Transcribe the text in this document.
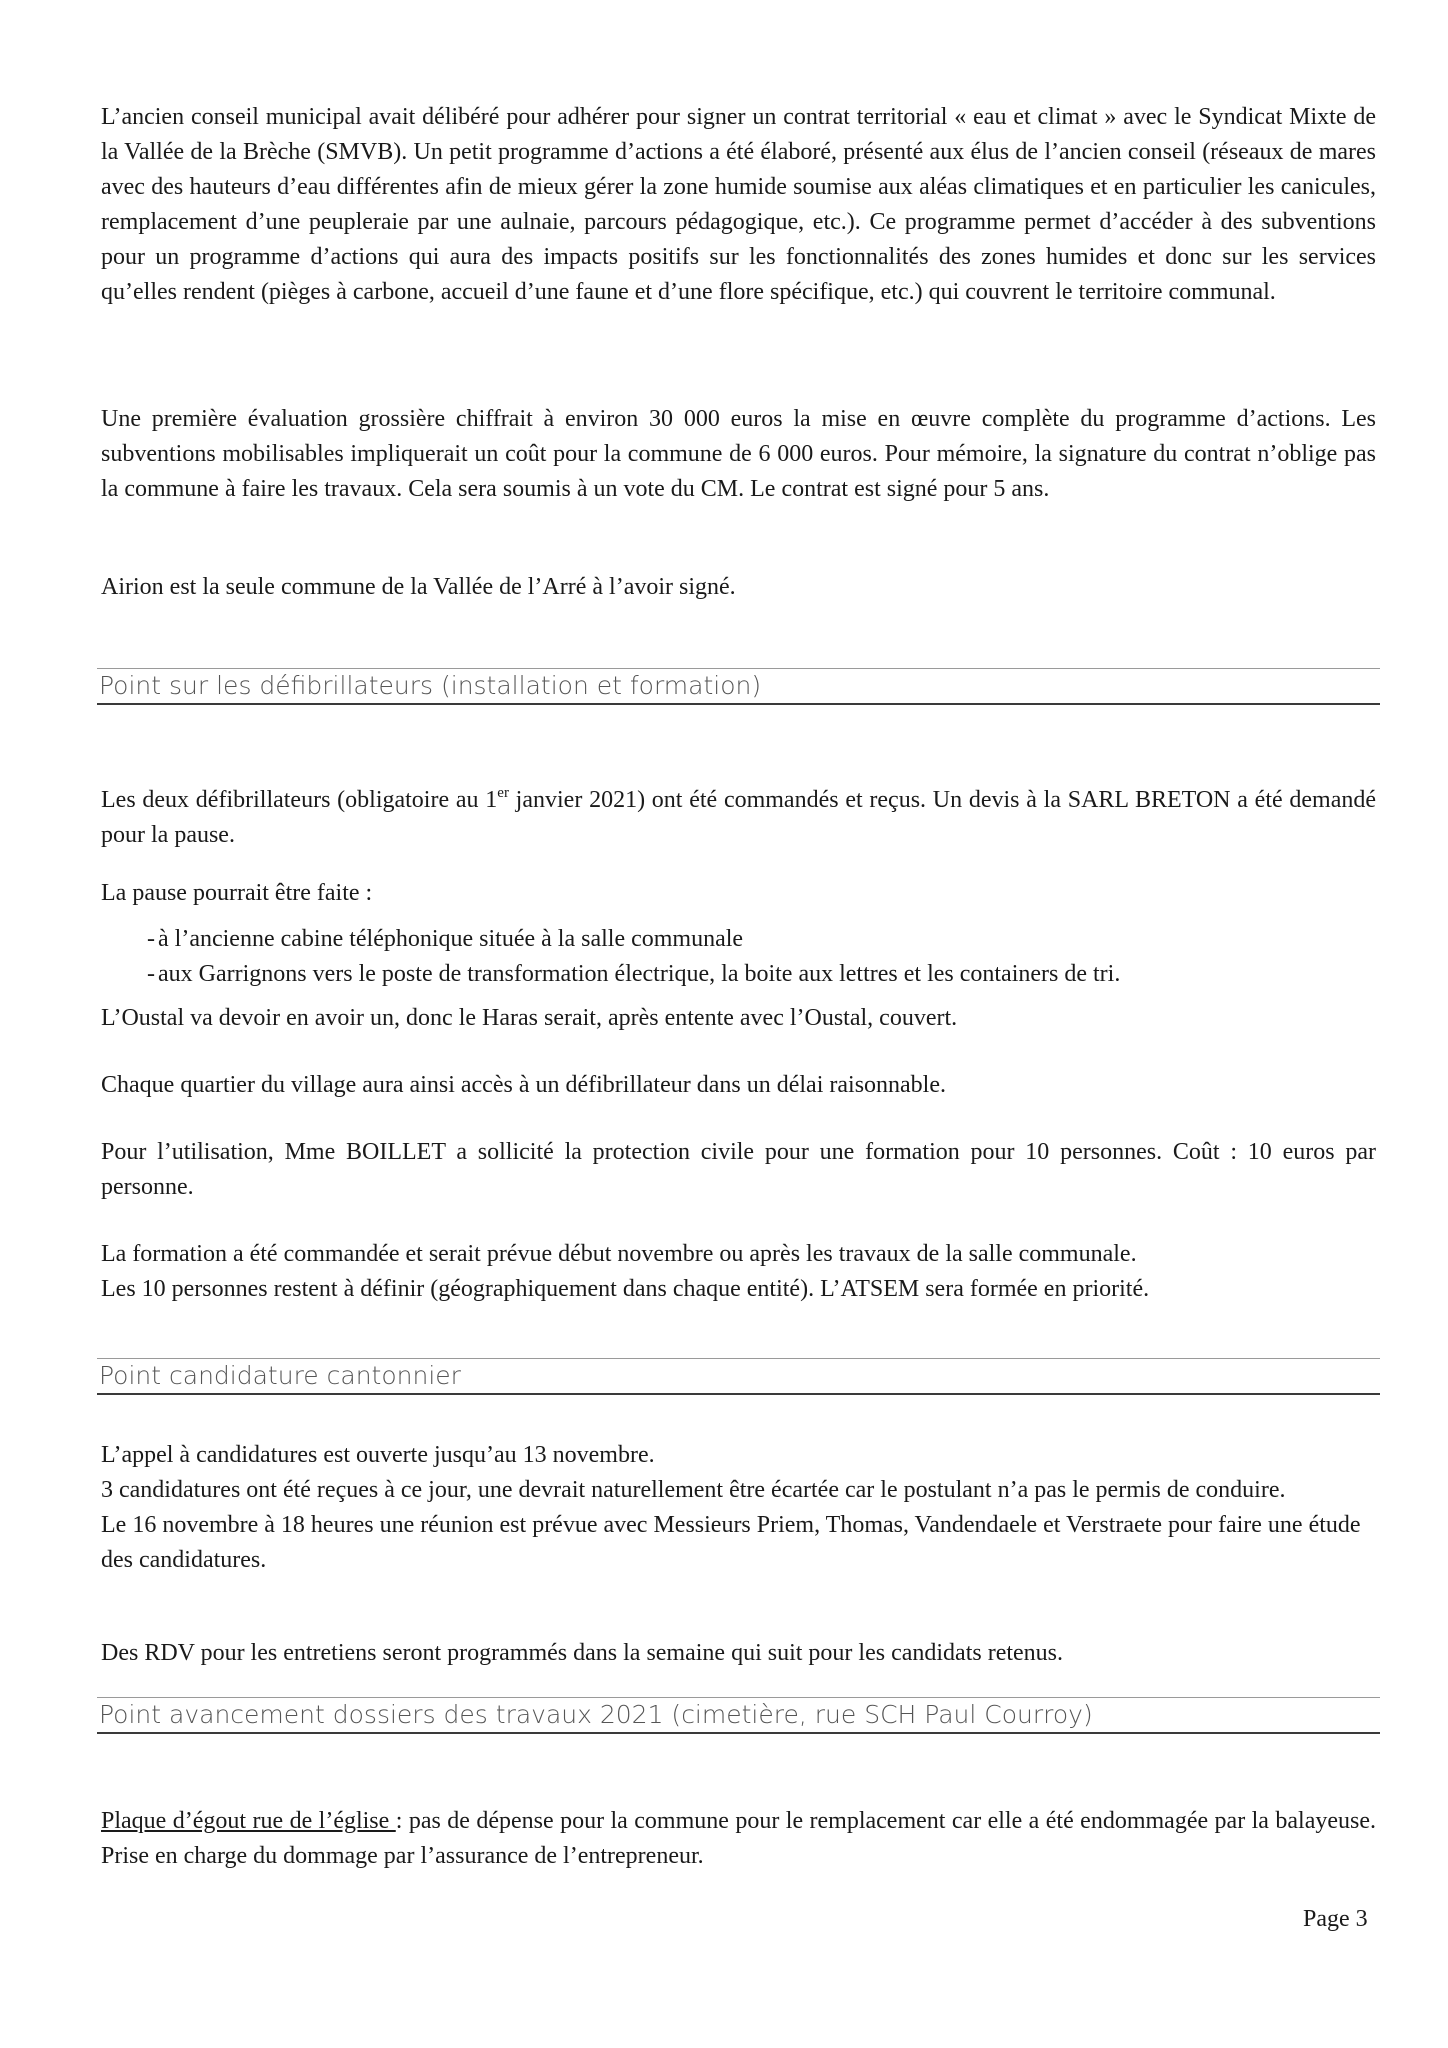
L’ancien conseil municipal avait délibéré pour adhérer pour signer un contrat territorial « eau et climat » avec le Syndicat Mixte de la Vallée de la Brèche (SMVB). Un petit programme d’actions a été élaboré, présenté aux élus de l’ancien conseil (réseaux de mares avec des hauteurs d’eau différentes afin de mieux gérer la zone humide soumise aux aléas climatiques et en particulier les canicules, remplacement d’une peupleraie par une aulnaie, parcours pédagogique, etc.). Ce programme permet d’accéder à des subventions pour un programme d’actions qui aura des impacts positifs sur les fonctionnalités des zones humides et donc sur les services qu’elles rendent (pièges à carbone, accueil d’une faune et d’une flore spécifique, etc.) qui couvrent le territoire communal.

Une première évaluation grossière chiffrait à environ 30 000 euros la mise en œuvre complète du programme d’actions. Les subventions mobilisables impliquerait un coût pour la commune de 6 000 euros. Pour mémoire, la signature du contrat n’oblige pas la commune à faire les travaux. Cela sera soumis à un vote du CM. Le contrat est signé pour 5 ans.

Airion est la seule commune de la Vallée de l’Arré à l’avoir signé.

Point sur les défibrillateurs (installation et formation)

Les deux défibrillateurs (obligatoire au 1er janvier 2021) ont été commandés et reçus. Un devis à la SARL BRETON a été demandé pour la pause.

La pause pourrait être faite :

- à l’ancienne cabine téléphonique située à la salle communale
- aux Garrignons vers le poste de transformation électrique, la boite aux lettres et les containers de tri.

L’Oustal va devoir en avoir un, donc le Haras serait, après entente avec l’Oustal, couvert.

Chaque quartier du village aura ainsi accès à un défibrillateur dans un délai raisonnable.

Pour l’utilisation, Mme BOILLET a sollicité la protection civile pour une formation pour 10 personnes. Coût : 10 euros par personne.

La formation a été commandée et serait prévue début novembre ou après les travaux de la salle communale.

Les 10 personnes restent à définir (géographiquement dans chaque entité). L’ATSEM sera formée en priorité.

Point candidature cantonnier

L’appel à candidatures est ouverte jusqu’au 13 novembre.

3 candidatures ont été reçues à ce jour, une devrait naturellement être écartée car le postulant n’a pas le permis de conduire.

Le 16 novembre à 18 heures une réunion est prévue avec Messieurs Priem, Thomas, Vandendaele et Verstraete pour faire une étude des candidatures.

Des RDV pour les entretiens seront programmés dans la semaine qui suit pour les candidats retenus.

Point avancement dossiers des travaux 2021 (cimetière, rue SCH Paul Courroy)

Plaque d’égout rue de l’église : pas de dépense pour la commune pour le remplacement car elle a été endommagée par la balayeuse. Prise en charge du dommage par l’assurance de l’entrepreneur.

Page 3
